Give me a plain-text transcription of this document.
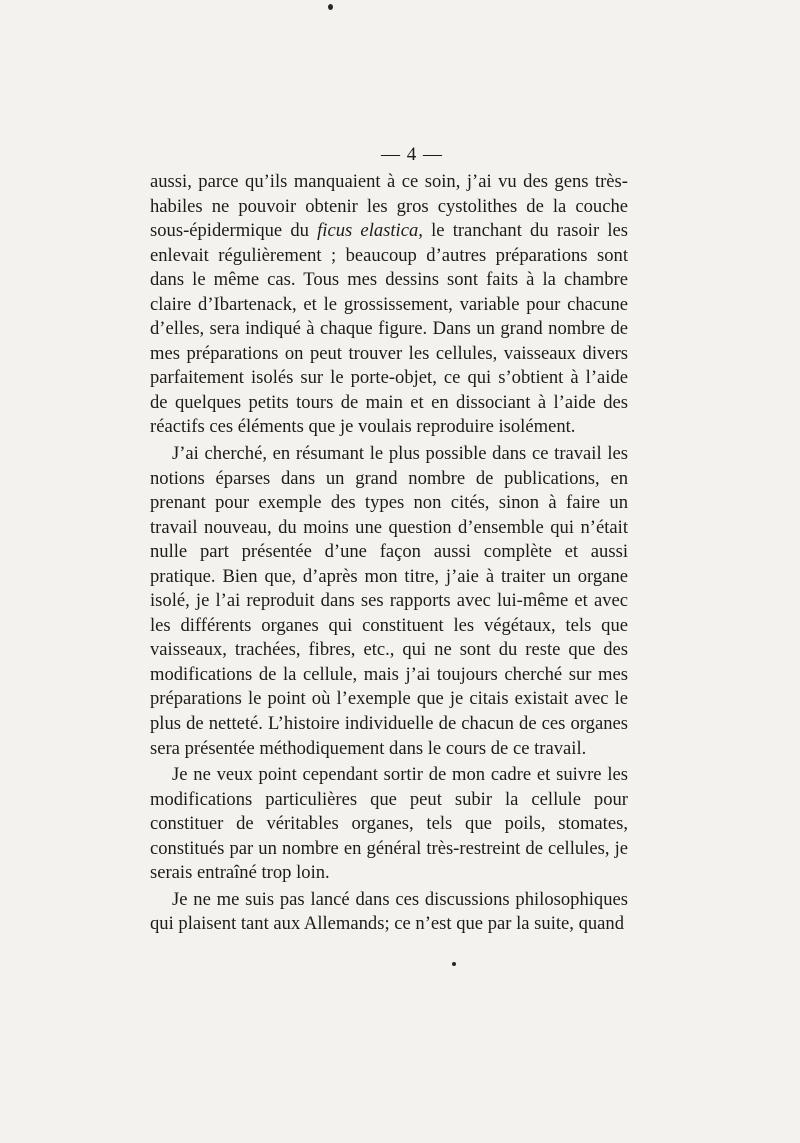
— 4 —

aussi, parce qu’ils manquaient à ce soin, j’ai vu des gens très-habiles ne pouvoir obtenir les gros cystolithes de la couche sous-épidermique du ficus elastica, le tranchant du rasoir les enlevait régulièrement ; beaucoup d’autres préparations sont dans le même cas. Tous mes dessins sont faits à la chambre claire d’Ibartenack, et le grossissement, variable pour chacune d’elles, sera indiqué à chaque figure. Dans un grand nombre de mes préparations on peut trouver les cellules, vaisseaux divers parfaitement isolés sur le porte-objet, ce qui s’obtient à l’aide de quelques petits tours de main et en dissociant à l’aide des réactifs ces éléments que je voulais reproduire isolément.

J’ai cherché, en résumant le plus possible dans ce travail les notions éparses dans un grand nombre de publications, en prenant pour exemple des types non cités, sinon à faire un travail nouveau, du moins une question d’ensemble qui n’était nulle part présentée d’une façon aussi complète et aussi pratique. Bien que, d’après mon titre, j’aie à traiter un organe isolé, je l’ai reproduit dans ses rapports avec lui-même et avec les différents organes qui constituent les végétaux, tels que vaisseaux, trachées, fibres, etc., qui ne sont du reste que des modifications de la cellule, mais j’ai toujours cherché sur mes préparations le point où l’exemple que je citais existait avec le plus de netteté. L’histoire individuelle de chacun de ces organes sera présentée méthodiquement dans le cours de ce travail.

Je ne veux point cependant sortir de mon cadre et suivre les modifications particulières que peut subir la cellule pour constituer de véritables organes, tels que poils, stomates, constitués par un nombre en général très-restreint de cellules, je serais entraîné trop loin.

Je ne me suis pas lancé dans ces discussions philosophiques qui plaisent tant aux Allemands; ce n’est que par la suite, quand
